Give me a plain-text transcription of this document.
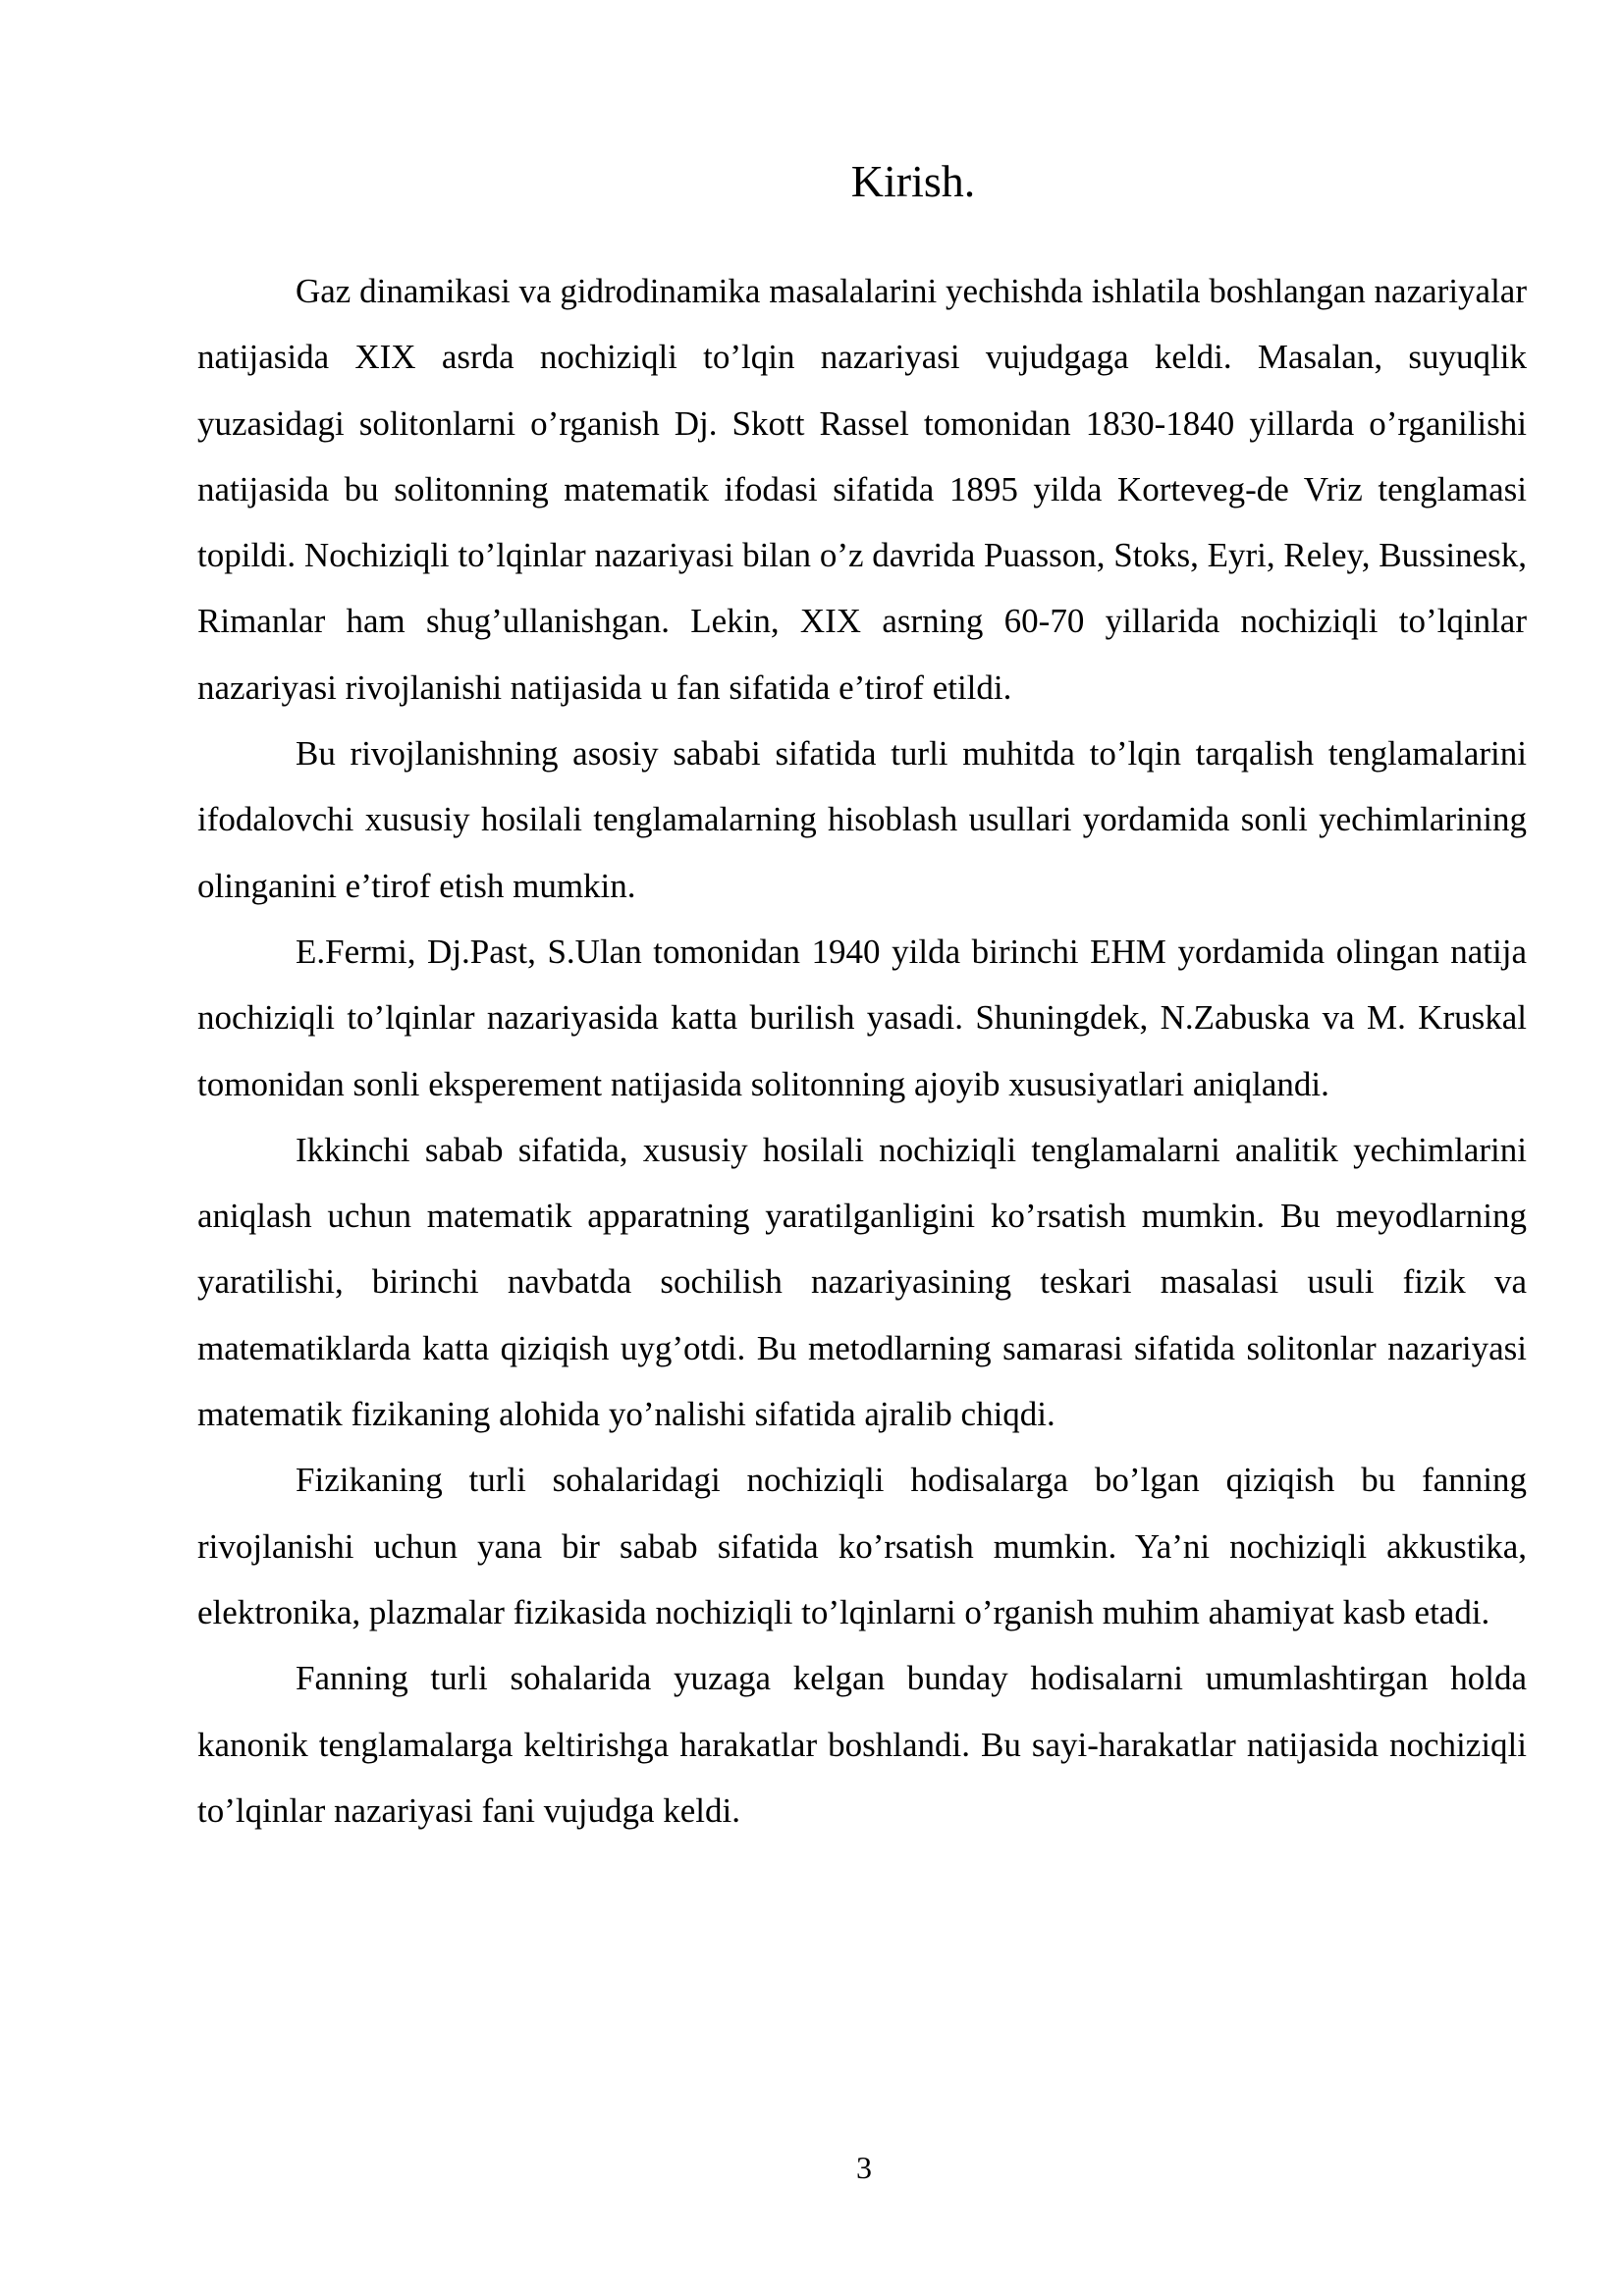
Kirish.

Gaz dinamikasi va gidrodinamika masalalarini yechishda ishlatila boshlangan nazariyalar natijasida XIX asrda nochiziqli to’lqin nazariyasi vujudgaga keldi. Masalan, suyuqlik yuzasidagi solitonlarni o’rganish Dj. Skott Rassel tomonidan 1830-1840 yillarda o’rganilishi natijasida bu solitonning matematik ifodasi sifatida 1895 yilda Korteveg-de Vriz tenglamasi topildi. Nochiziqli to’lqinlar nazariyasi bilan o’z davrida Puasson, Stoks, Eyri, Reley, Bussinesk, Rimanlar ham shug’ullanishgan. Lekin, XIX asrning 60-70 yillarida nochiziqli to’lqinlar nazariyasi rivojlanishi natijasida u fan sifatida e’tirof etildi.

Bu rivojlanishning asosiy sababi sifatida turli muhitda to’lqin tarqalish tenglamalarini ifodalovchi xususiy hosilali tenglamalarning hisoblash usullari yordamida sonli yechimlarining olinganini e’tirof etish mumkin.

E.Fermi, Dj.Past, S.Ulan tomonidan 1940 yilda birinchi EHM yordamida olingan natija nochiziqli to’lqinlar nazariyasida katta burilish yasadi. Shuningdek, N.Zabuska va M. Kruskal tomonidan sonli eksperement natijasida solitonning ajoyib xususiyatlari aniqlandi.

Ikkinchi sabab sifatida, xususiy hosilali nochiziqli tenglamalarni analitik yechimlarini aniqlash uchun matematik apparatning yaratilganligini ko’rsatish mumkin. Bu meyodlarning yaratilishi, birinchi navbatda sochilish nazariyasining teskari masalasi usuli fizik va matematiklarda katta qiziqish uyg’otdi. Bu metodlarning samarasi sifatida solitonlar nazariyasi matematik fizikaning alohida yo’nalishi sifatida ajralib chiqdi.

Fizikaning turli sohalaridagi nochiziqli hodisalarga bo’lgan qiziqish bu fanning rivojlanishi uchun yana bir sabab sifatida ko’rsatish mumkin. Ya’ni nochiziqli akkustika, elektronika, plazmalar fizikasida nochiziqli to’lqinlarni o’rganish muhim ahamiyat kasb etadi.

Fanning turli sohalarida yuzaga kelgan bunday hodisalarni umumlashtirgan holda kanonik tenglamalarga keltirishga harakatlar boshlandi. Bu sayi-harakatlar natijasida nochiziqli to’lqinlar nazariyasi fani vujudga keldi.

3
